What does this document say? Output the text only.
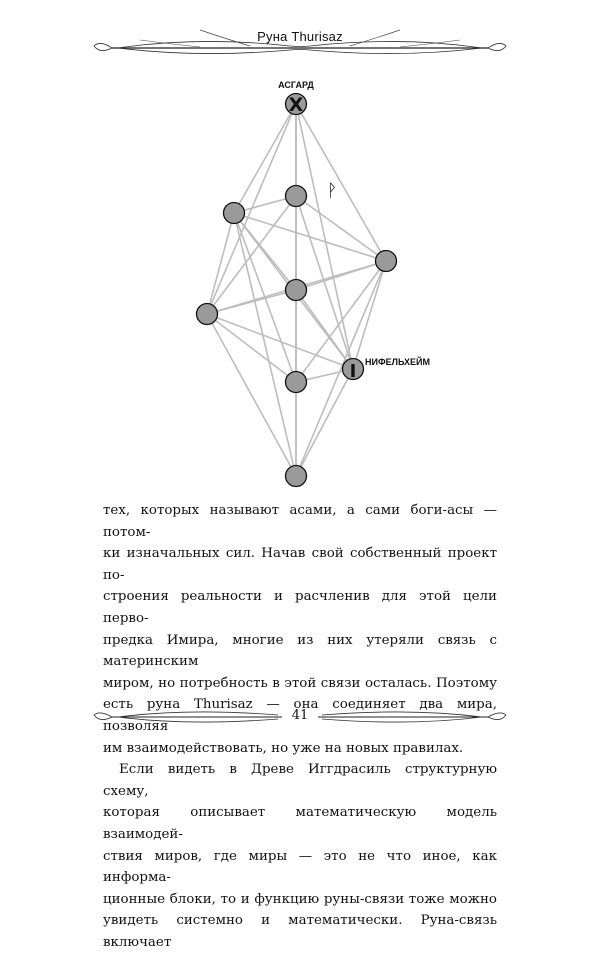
Руна Thurisaz
X
ᚹ
I
АСГАРД
НИФЕЛЬХЕЙМ

тех, которых называют асами, а сами боги-асы — потом-

ки изначальных сил. Начав свой собственный проект по-

строения реальности и расчленив для этой цели перво-

предка Имира, многие из них утеряли связь с материнским

миром, но потребность в этой связи осталась. Поэтому

есть руна Thurisaz — она соединяет два мира, позволяя

им взаимодействовать, но уже на новых правилах.

Если видеть в Древе Иггдрасиль структурную схему,

которая описывает математическую модель взаимодей-

ствия миров, где миры — это не что иное, как информа-

ционные блоки, то и функцию руны-связи тоже можно

увидеть системно и математически. Руна-связь включает

41
